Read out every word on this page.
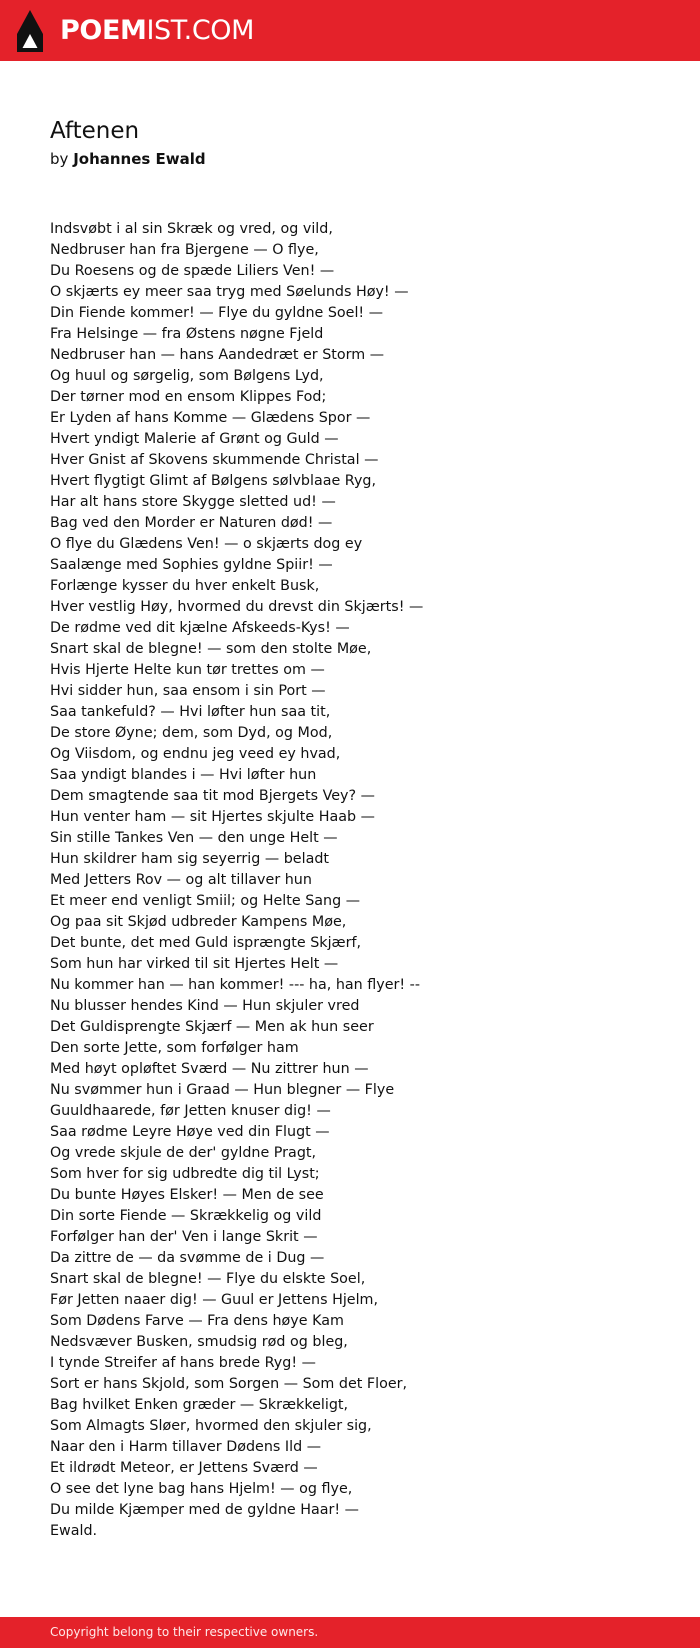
POEMIST.COM
Aftenen
by Johannes Ewald
Indsvøbt i al sin Skræk og vred, og vild,
Nedbruser han fra Bjergene — O flye,
Du Roesens og de spæde Liliers Ven! —
O skjærts ey meer saa tryg med Søelunds Høy! —
Din Fiende kommer! — Flye du gyldne Soel! —
Fra Helsinge — fra Østens nøgne Fjeld
Nedbruser han — hans Aandedræt er Storm —
Og huul og sørgelig, som Bølgens Lyd,
Der tørner mod en ensom Klippes Fod;
Er Lyden af hans Komme — Glædens Spor —
Hvert yndigt Malerie af Grønt og Guld —
Hver Gnist af Skovens skummende Christal —
Hvert flygtigt Glimt af Bølgens sølvblaae Ryg,
Har alt hans store Skygge sletted ud! —
Bag ved den Morder er Naturen død! —
O flye du Glædens Ven! — o skjærts dog ey
Saalænge med Sophies gyldne Spiir! —
Forlænge kysser du hver enkelt Busk,
Hver vestlig Høy, hvormed du drevst din Skjærts! —
De rødme ved dit kjælne Afskeeds-Kys! —
Snart skal de blegne! — som den stolte Møe,
Hvis Hjerte Helte kun tør trettes om —
Hvi sidder hun, saa ensom i sin Port —
Saa tankefuld? — Hvi løfter hun saa tit,
De store Øyne; dem, som Dyd, og Mod,
Og Viisdom, og endnu jeg veed ey hvad,
Saa yndigt blandes i — Hvi løfter hun
Dem smagtende saa tit mod Bjergets Vey? —
Hun venter ham — sit Hjertes skjulte Haab —
Sin stille Tankes Ven — den unge Helt —
Hun skildrer ham sig seyerrig — beladt
Med Jetters Rov — og alt tillaver hun
Et meer end venligt Smiil; og Helte Sang —
Og paa sit Skjød udbreder Kampens Møe,
Det bunte, det med Guld isprængte Skjærf,
Som hun har virked til sit Hjertes Helt —
Nu kommer han — han kommer! --- ha, han flyer! --
Nu blusser hendes Kind — Hun skjuler vred
Det Guldisprengte Skjærf — Men ak hun seer
Den sorte Jette, som forfølger ham
Med høyt opløftet Sværd — Nu zittrer hun —
Nu svømmer hun i Graad — Hun blegner — Flye
Guuldhaarede, før Jetten knuser dig! —
Saa rødme Leyre Høye ved din Flugt —
Og vrede skjule de der' gyldne Pragt,
Som hver for sig udbredte dig til Lyst;
Du bunte Høyes Elsker! — Men de see
Din sorte Fiende — Skrækkelig og vild
Forfølger han der' Ven i lange Skrit —
Da zittre de — da svømme de i Dug —
Snart skal de blegne! — Flye du elskte Soel,
Før Jetten naaer dig! — Guul er Jettens Hjelm,
Som Dødens Farve — Fra dens høye Kam
Nedsvæver Busken, smudsig rød og bleg,
I tynde Streifer af hans brede Ryg! —
Sort er hans Skjold, som Sorgen — Som det Floer,
Bag hvilket Enken græder — Skrækkeligt,
Som Almagts Sløer, hvormed den skjuler sig,
Naar den i Harm tillaver Dødens Ild —
Et ildrødt Meteor, er Jettens Sværd —
O see det lyne bag hans Hjelm! — og flye,
Du milde Kjæmper med de gyldne Haar! —
Ewald.
Copyright belong to their respective owners.
